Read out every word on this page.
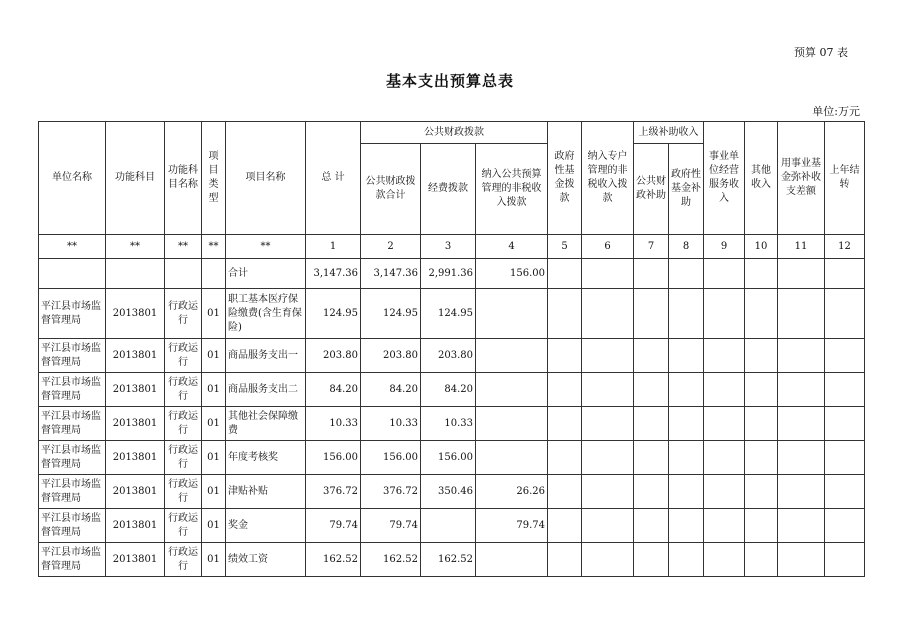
预算 07 表
基本支出预算总表
单位:万元
单位名称	功能科目	功能科目名称	项目类型	项目名称	总 计	公共财政拨款			政府性基金拨款	纳入专户管理的非税收入拨款	上级补助收入		事业单位经营服务收入	其他收入	用事业基金弥补收支差额	上年结转
						公共财政拨款合计	经费拨款	纳入公共预算管理的非税收入拨款			公共财政补助	政府性基金补助				
**	**	**	**	**	1	2	3	4	5	6	7	8	9	10	11	12
				合计	3,147.36	3,147.36	2,991.36	156.00								
平江县市场监督管理局	2013801	行政运行	01	职工基本医疗保险缴费(含生育保险)	124.95	124.95	124.95									
平江县市场监督管理局	2013801	行政运行	01	商品服务支出一	203.80	203.80	203.80									
平江县市场监督管理局	2013801	行政运行	01	商品服务支出二	84.20	84.20	84.20									
平江县市场监督管理局	2013801	行政运行	01	其他社会保障缴费	10.33	10.33	10.33									
平江县市场监督管理局	2013801	行政运行	01	年度考核奖	156.00	156.00	156.00									
平江县市场监督管理局	2013801	行政运行	01	津贴补贴	376.72	376.72	350.46	26.26								
平江县市场监督管理局	2013801	行政运行	01	奖金	79.74	79.74		79.74								
平江县市场监督管理局	2013801	行政运行	01	绩效工资	162.52	162.52	162.52									
